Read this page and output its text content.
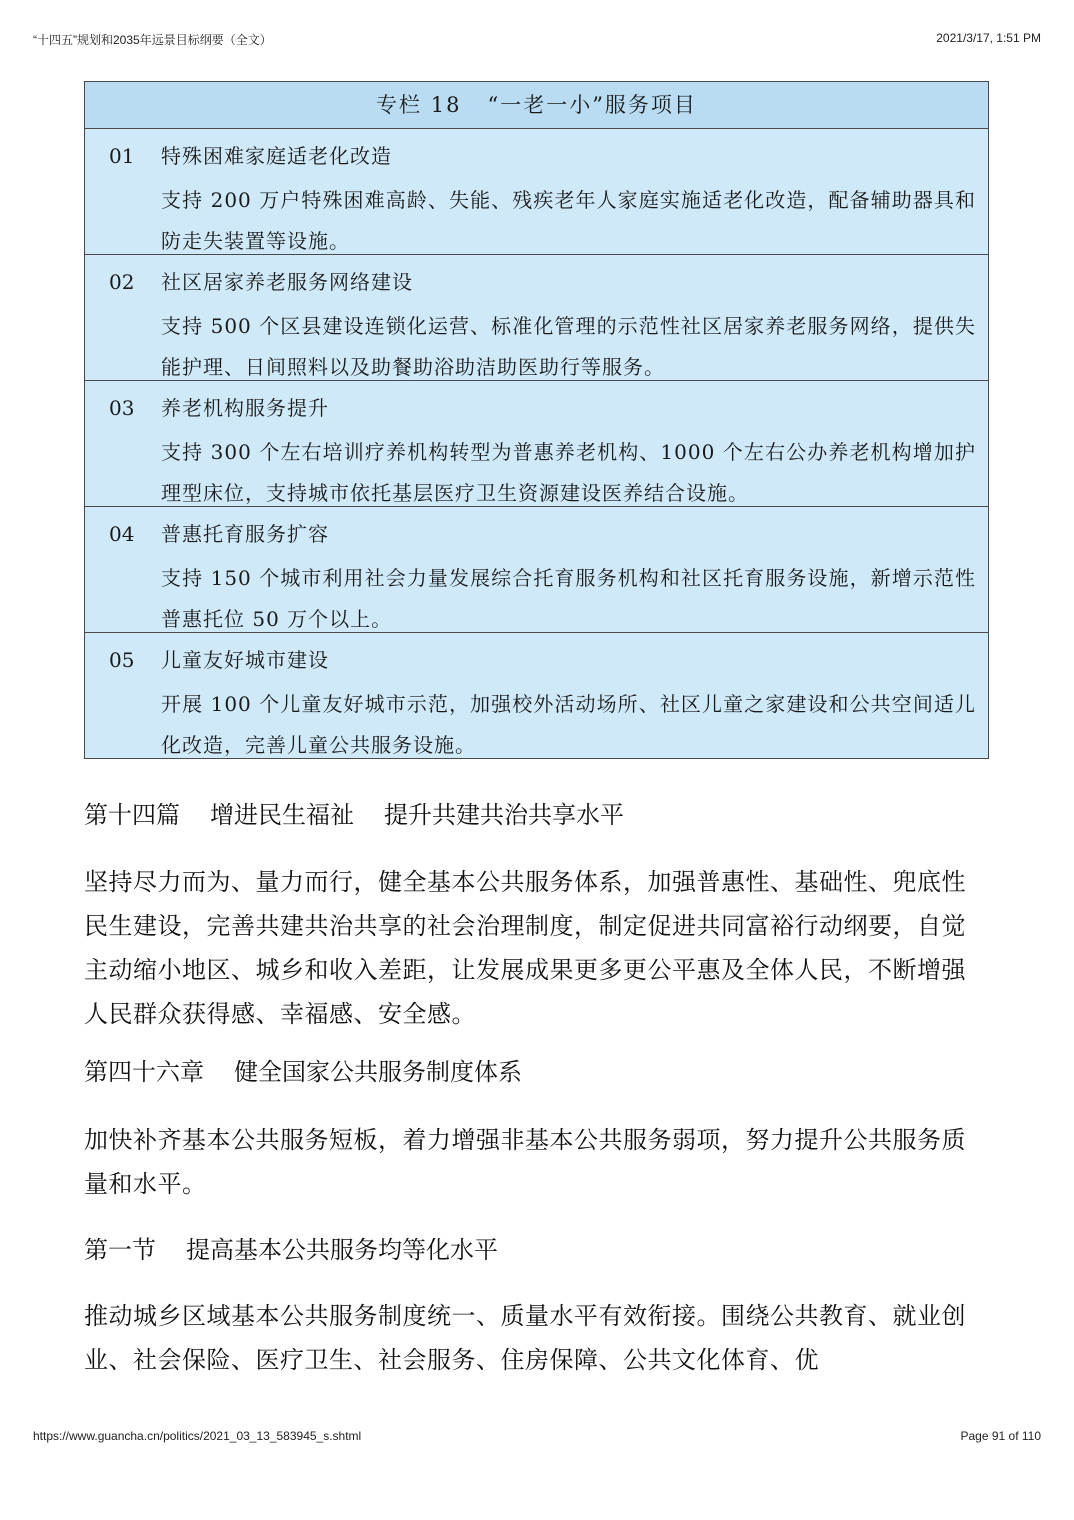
“十四五”规划和2035年远景目标纲要（全文）	2021/3/17, 1:51 PM
专栏 18 “一老一小”服务项目
01 特殊困难家庭适老化改造
支持 200 万户特殊困难高龄、失能、残疾老年人家庭实施适老化改造，配备辅助器具和防走失装置等设施。
02 社区居家养老服务网络建设
支持 500 个区县建设连锁化运营、标准化管理的示范性社区居家养老服务网络，提供失能护理、日间照料以及助餐助浴助洁助医助行等服务。
03 养老机构服务提升
支持 300 个左右培训疗养机构转型为普惠养老机构、1000 个左右公办养老机构增加护理型床位，支持城市依托基层医疗卫生资源建设医养结合设施。
04 普惠托育服务扩容
支持 150 个城市利用社会力量发展综合托育服务机构和社区托育服务设施，新增示范性普惠托位 50 万个以上。
05 儿童友好城市建设
开展 100 个儿童友好城市示范，加强校外活动场所、社区儿童之家建设和公共空间适儿化改造，完善儿童公共服务设施。
第十四篇 增进民生福祉 提升共建共治共享水平
坚持尽力而为、量力而行，健全基本公共服务体系，加强普惠性、基础性、兜底性民生建设，完善共建共治共享的社会治理制度，制定促进共同富裕行动纲要，自觉主动缩小地区、城乡和收入差距，让发展成果更多更公平惠及全体人民，不断增强人民群众获得感、幸福感、安全感。
第四十六章 健全国家公共服务制度体系
加快补齐基本公共服务短板，着力增强非基本公共服务弱项，努力提升公共服务质量和水平。
第一节 提高基本公共服务均等化水平
推动城乡区域基本公共服务制度统一、质量水平有效衔接。围绕公共教育、就业创业、社会保险、医疗卫生、社会服务、住房保障、公共文化体育、优
https://www.guancha.cn/politics/2021_03_13_583945_s.shtml	Page 91 of 110
